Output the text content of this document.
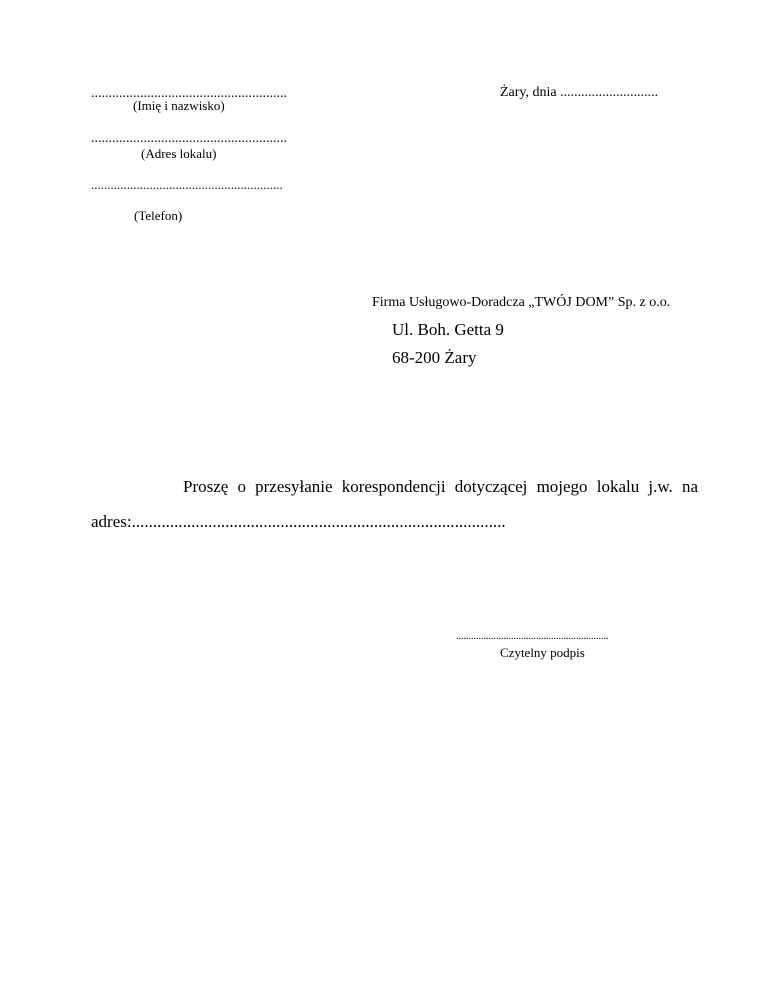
........................................................
(Imię i nazwisko)
Żary, dnia ............................
........................................................
(Adres lokalu)
...........................................................
(Telefon)
Firma Usługowo-Doradcza „TWÓJ DOM” Sp. z o.o.
Ul. Boh. Getta 9
68-200 Żary
Proszę o przesyłanie korespondencji dotyczącej mojego lokalu j.w. na
adres:........................................................................................
.............................................................
Czytelny podpis
